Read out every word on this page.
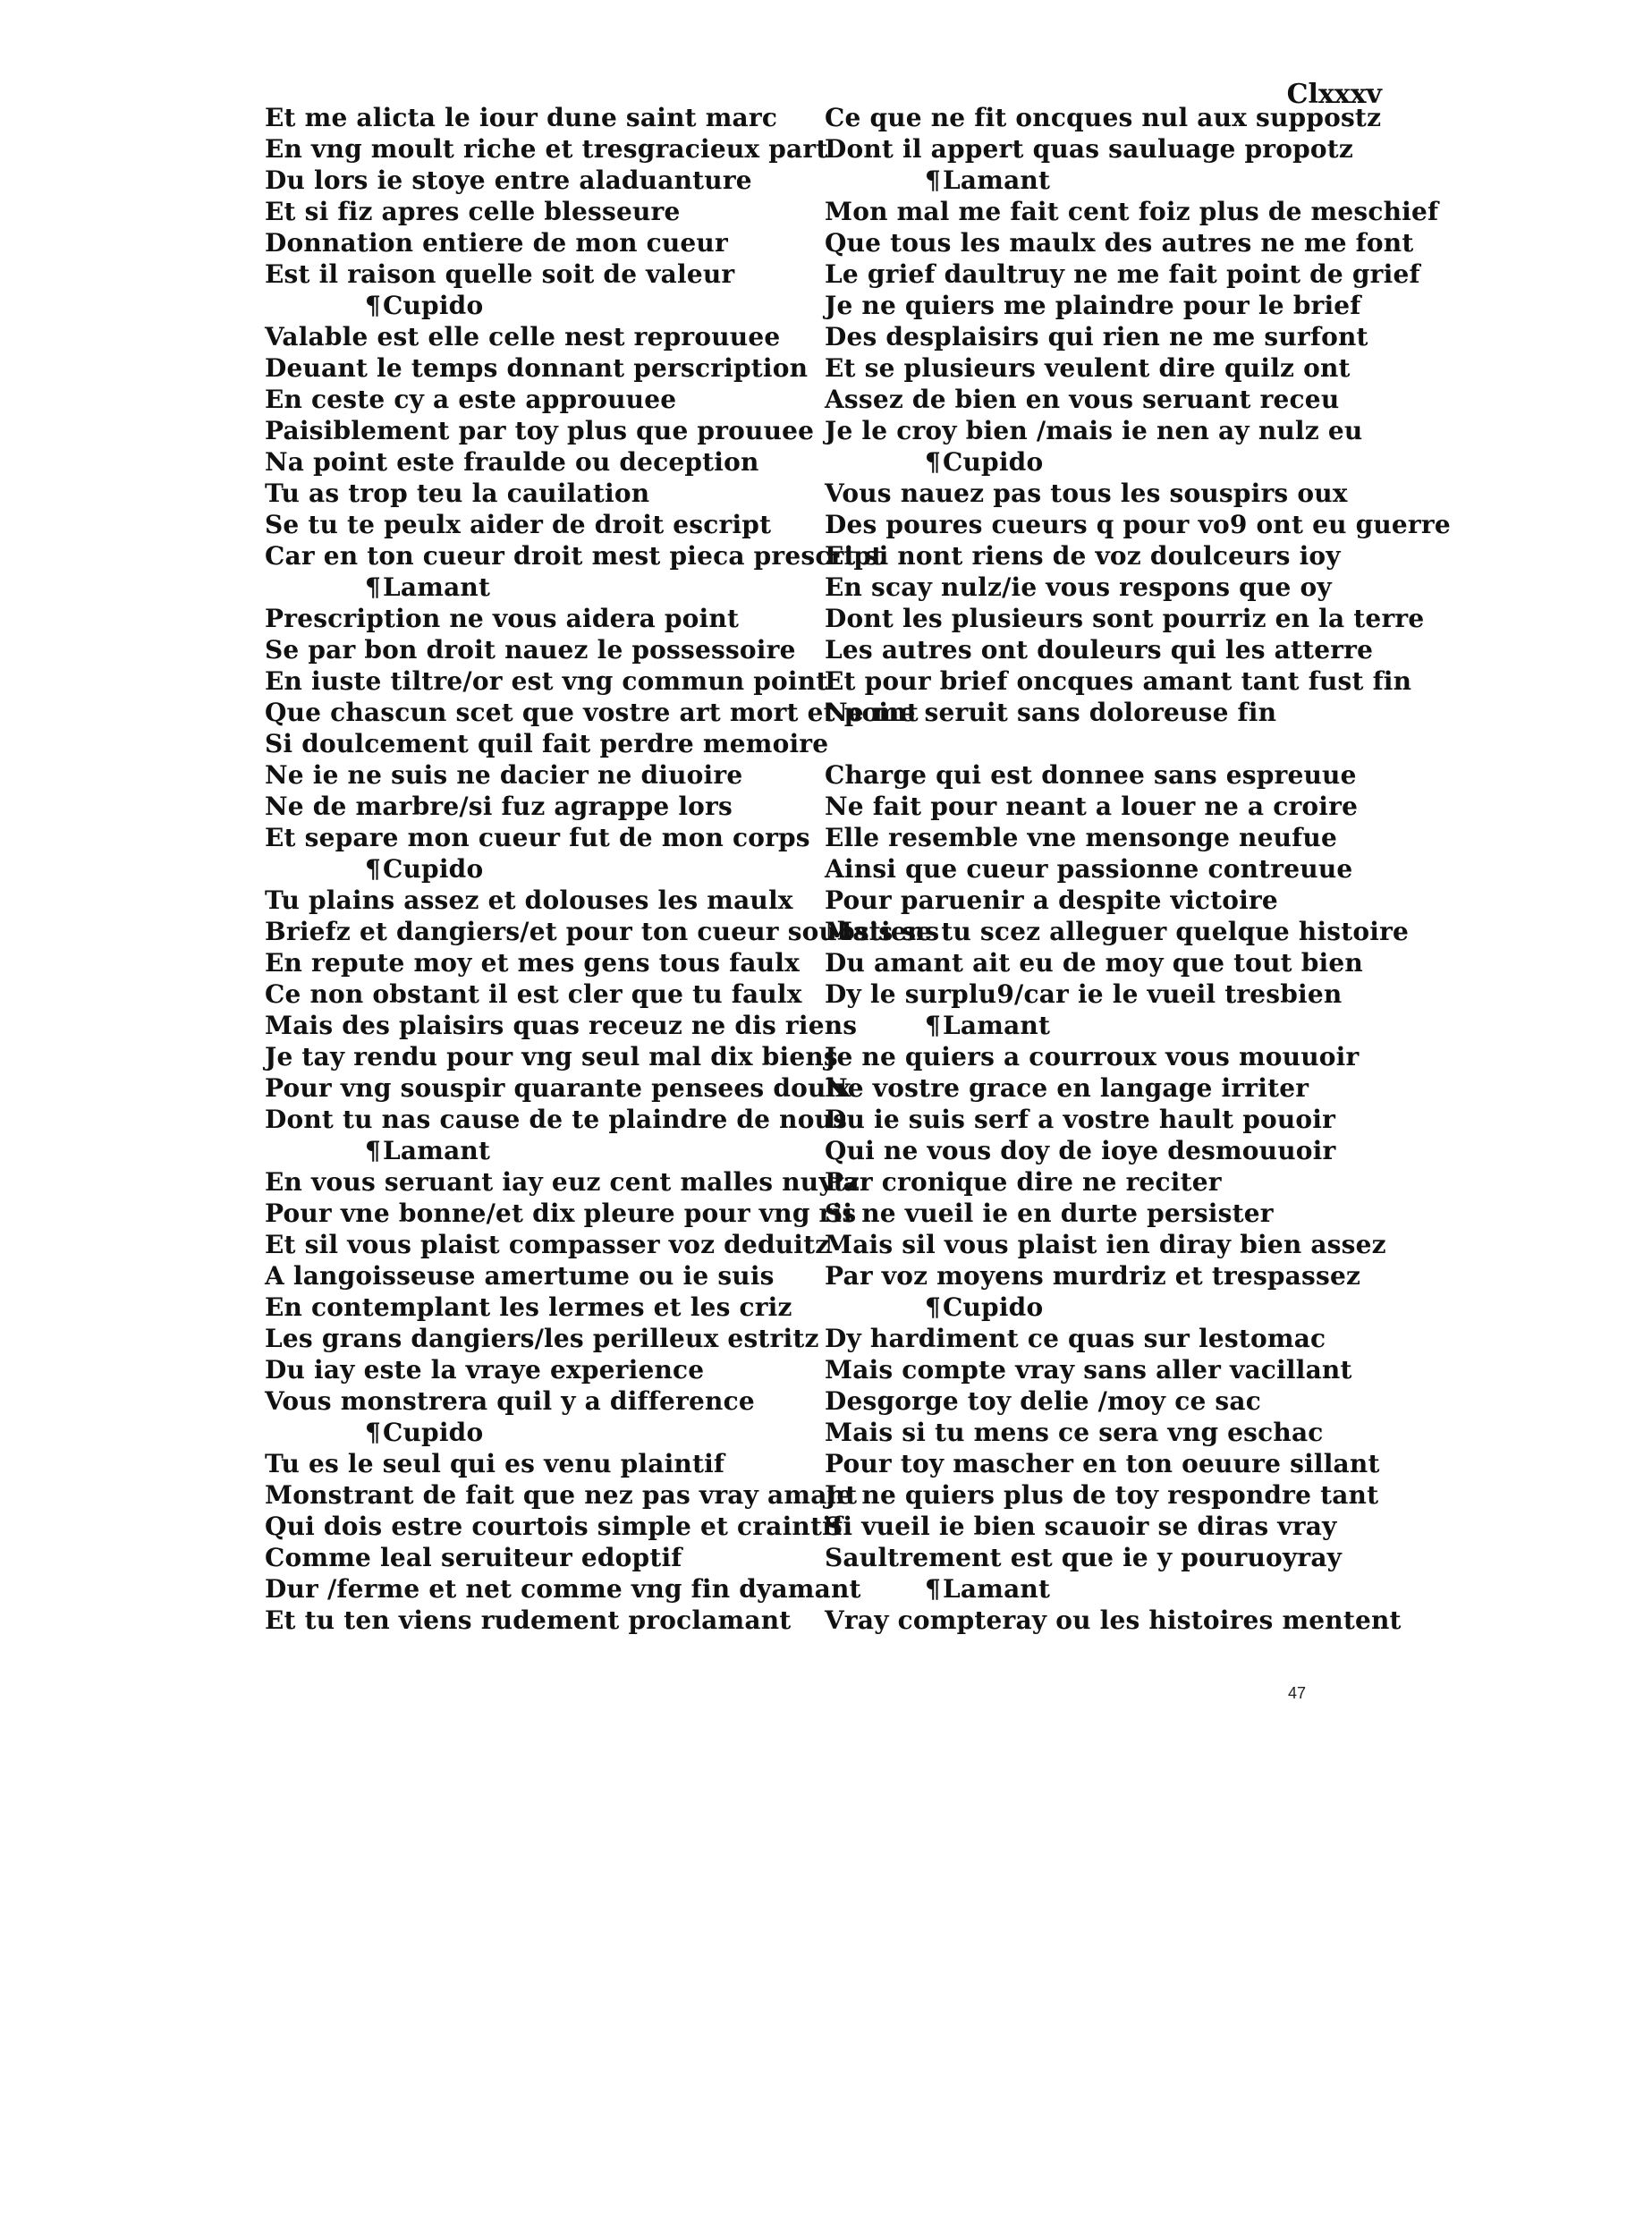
Clxxxv
Et me alicta le iour dune saint marc
En vng moult riche et tresgracieux part
Du lors ie stoye entre aladuanture
Et si fiz apres celle blesseure
Donnation entiere de mon cueur
Est il raison quelle soit de valeur
¶Cupido
Valable est elle celle nest reprouuee
Deuant le temps donnant perscription
En ceste cy a este approuuee
Paisiblement par toy plus que prouuee
Na point este fraulde ou deception
Tu as trop teu la cauilation
Se tu te peulx aider de droit escript
Car en ton cueur droit mest pieca prescript
¶Lamant
Prescription ne vous aidera point
Se par bon droit nauez le possessoire
En iuste tiltre/or est vng commun point
Que chascun scet que vostre art mort et point
Si doulcement quil fait perdre memoire
Ne ie ne suis ne dacier ne diuoire
Ne de marbre/si fuz agrappe lors
Et separe mon cueur fut de mon corps
¶Cupido
Tu plains assez et dolouses les maulx
Briefz et dangiers/et pour ton cueur soubstiens
En repute moy et mes gens tous faulx
Ce non obstant il est cler que tu faulx
Mais des plaisirs quas receuz ne dis riens
Je tay rendu pour vng seul mal dix biens
Pour vng souspir quarante pensees doulx
Dont tu nas cause de te plaindre de nous
¶Lamant
En vous seruant iay euz cent malles nuytz
Pour vne bonne/et dix pleure pour vng ris
Et sil vous plaist compasser voz deduitz
A langoisseuse amertume ou ie suis
En contemplant les lermes et les criz
Les grans dangiers/les perilleux estritz
Du iay este la vraye experience
Vous monstrera quil y a difference
¶Cupido
Tu es le seul qui es venu plaintif
Monstrant de fait que nez pas vray amant
Qui dois estre courtois simple et craintif
Comme leal seruiteur edoptif
Dur /ferme et net comme vng fin dyamant
Et tu ten viens rudement proclamant
Ce que ne fit oncques nul aux suppostz
Dont il appert quas sauluage propotz
¶Lamant
Mon mal me fait cent foiz plus de meschief
Que tous les maulx des autres ne me font
Le grief daultruy ne me fait point de grief
Je ne quiers me plaindre pour le brief
Des desplaisirs qui rien ne me surfont
Et se plusieurs veulent dire quilz ont
Assez de bien en vous seruant receu
Je le croy bien /mais ie nen ay nulz eu
¶Cupido
Vous nauez pas tous les souspirs oux
Des poures cueurs q pour vo9 ont eu guerre
Et si nont riens de voz doulceurs ioy
En scay nulz/ie vous respons que oy
Dont les plusieurs sont pourriz en la terre
Les autres ont douleurs qui les atterre
Et pour brief oncques amant tant fust fin
Ne me seruit sans doloreuse fin
Charge qui est donnee sans espreuue
Ne fait pour neant a louer ne a croire
Elle resemble vne mensonge neufue
Ainsi que cueur passionne contreuue
Pour paruenir a despite victoire
Mais se tu scez alleguer quelque histoire
Du amant ait eu de moy que tout bien
Dy le surplu9/car ie le vueil tresbien
¶Lamant
Je ne quiers a courroux vous mouuoir
Ne vostre grace en langage irriter
Du ie suis serf a vostre hault pouoir
Qui ne vous doy de ioye desmouuoir
Par cronique dire ne reciter
Si ne vueil ie en durte persister
Mais sil vous plaist ien diray bien assez
Par voz moyens murdriz et trespassez
¶Cupido
Dy hardiment ce quas sur lestomac
Mais compte vray sans aller vacillant
Desgorge toy delie /moy ce sac
Mais si tu mens ce sera vng eschac
Pour toy mascher en ton oeuure sillant
Je ne quiers plus de toy respondre tant
Si vueil ie bien scauoir se diras vray
Saultrement est que ie y pouruoyray
¶Lamant
Vray compteray ou les histoires mentent
47
